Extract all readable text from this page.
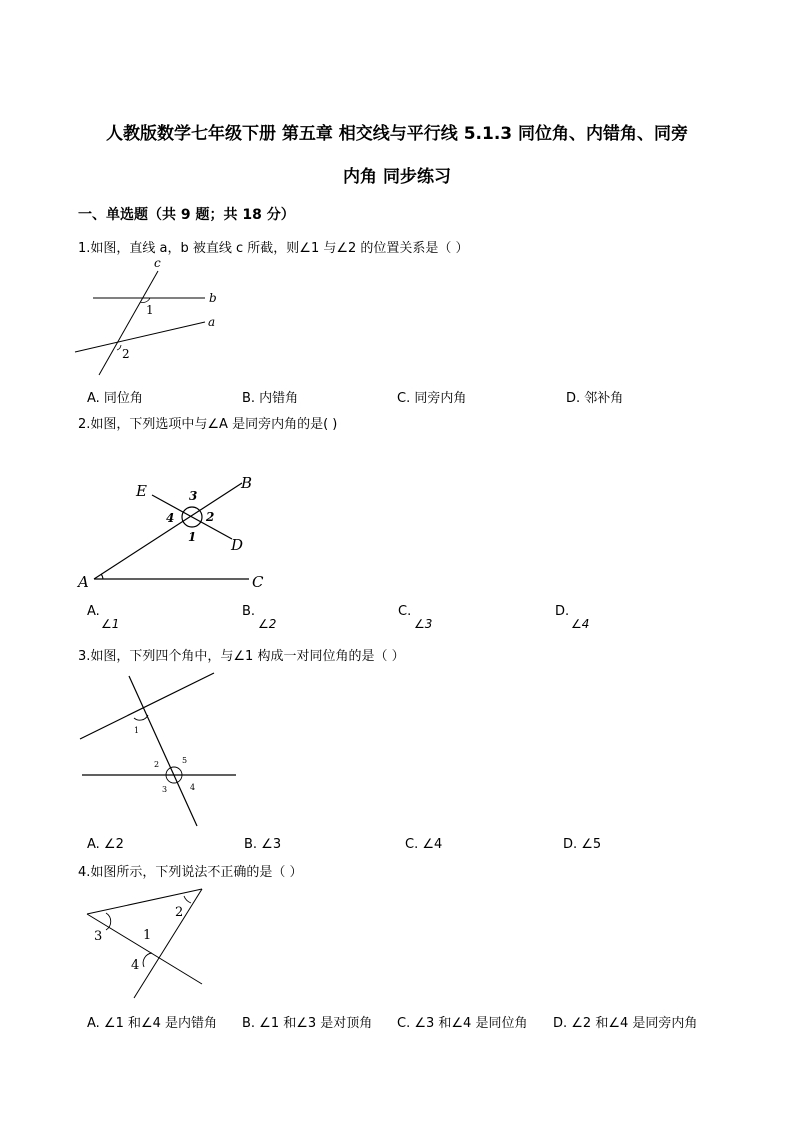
人教版数学七年级下册 第五章 相交线与平行线 5.1.3 同位角、内错角、同旁
内角 同步练习
一、单选题（共 9 题；共 18 分）
1.如图，直线 a，b 被直线 c 所截，则∠1 与∠2 的位置关系是（ ）
c
b
a
1
2
A. 同位角	B. 内错角	C. 同旁内角	D. 邻补角
2.如图，下列选项中与∠A 是同旁内角的是( )
E	B
D
A	C
3
2
4
1
A.
∠1
B.
∠2
C.
∠3
D.
∠4
3.如图，下列四个角中，与∠1 构成一对同位角的是（ ）
1
2	5
3	4
A. ∠2	B. ∠3	C. ∠4	D. ∠5
4.如图所示，下列说法不正确的是（ ）
3	1
2
4
A. ∠1 和∠4 是内错角 B. ∠1 和∠3 是对顶角 C. ∠3 和∠4 是同位角 D. ∠2 和∠4 是同旁内角
